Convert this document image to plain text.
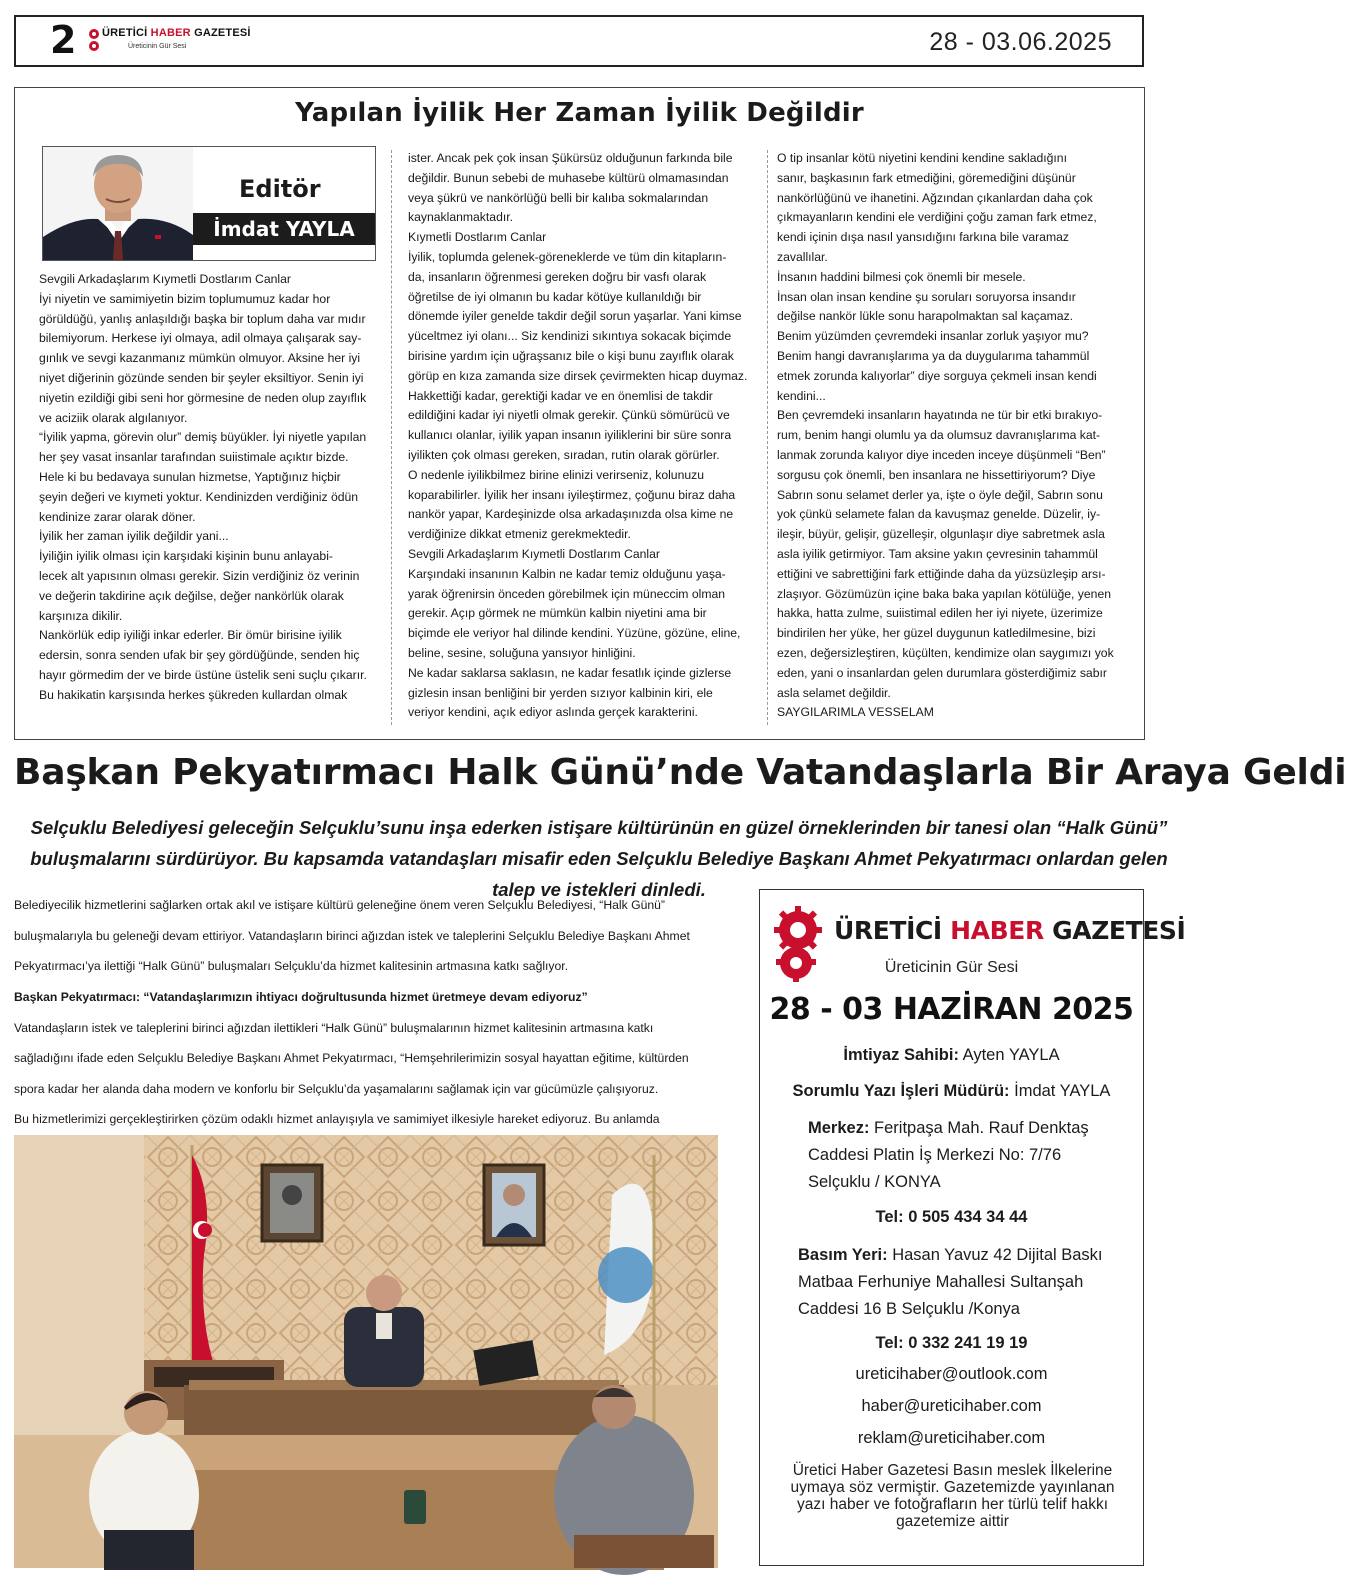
2 ÜRETİCİ HABER GAZETESİ
Üreticinin Gür Sesi	28 - 03.06.2025
Yapılan İyilik Her Zaman İyilik Değildir
Editör
İmdat YAYLA

Sevgili Arkadaşlarım Kıymetli Dostlarım Canlar

İyi niyetin ve samimiyetin bizim toplumumuz kadar hor

görüldüğü, yanlış anlaşıldığı başka bir toplum daha var mıdır

bilemiyorum. Herkese iyi olmaya, adil olmaya çalışarak say-

gınlık ve sevgi kazanmanız mümkün olmuyor. Aksine her iyi

niyet diğerinin gözünde senden bir şeyler eksiltiyor. Senin iyi

niyetin ezildiği gibi seni hor görmesine de neden olup zayıflık

ve aciziik olarak algılanıyor.

“İyilik yapma, görevin olur” demiş büyükler. İyi niyetle yapılan

her şey vasat insanlar tarafından suiistimale açıktır bizde.

Hele ki bu bedavaya sunulan hizmetse, Yaptığınız hiçbir

şeyin değeri ve kıymeti yoktur. Kendinizden verdiğiniz ödün

kendinize zarar olarak döner.

İyilik her zaman iyilik değildir yani...

İyiliğin iyilik olması için karşıdaki kişinin bunu anlayabi-

lecek alt yapısının olması gerekir. Sizin verdiğiniz öz verinin

ve değerin takdirine açık değilse, değer nankörlük olarak

karşınıza dikilir.

Nankörlük edip iyiliği inkar ederler. Bir ömür birisine iyilik

edersin, sonra senden ufak bir şey gördüğünde, senden hiç

hayır görmedim der ve birde üstüne üstelik seni suçlu çıkarır.

Bu hakikatin karşısında herkes şükreden kullardan olmak

ister. Ancak pek çok insan Şükürsüz olduğunun farkında bile

değildir. Bunun sebebi de muhasebe kültürü olmamasından

veya şükrü ve nankörlüğü belli bir kalıba sokmalarından

kaynaklanmaktadır.

Kıymetli Dostlarım Canlar

İyilik, toplumda gelenek-göreneklerde ve tüm din kitapların-

da, insanların öğrenmesi gereken doğru bir vasfı olarak

öğretilse de iyi olmanın bu kadar kötüye kullanıldığı bir

dönemde iyiler genelde takdir değil sorun yaşarlar. Yani kimse

yüceltmez iyi olanı... Siz kendinizi sıkıntıya sokacak biçimde

birisine yardım için uğraşsanız bile o kişi bunu zayıflık olarak

görüp en kıza zamanda size dirsek çevirmekten hicap duymaz.

Hakkettiği kadar, gerektiği kadar ve en önemlisi de takdir

edildiğini kadar iyi niyetli olmak gerekir. Çünkü sömürücü ve

kullanıcı olanlar, iyilik yapan insanın iyiliklerini bir süre sonra

iyilikten çok olması gereken, sıradan, rutin olarak görürler.

O nedenle iyilikbilmez birine elinizi verirseniz, kolunuzu

koparabilirler. İyilik her insanı iyileştirmez, çoğunu biraz daha

nankör yapar, Kardeşinizde olsa arkadaşınızda olsa kime ne

verdiğinize dikkat etmeniz gerekmektedir.

Sevgili Arkadaşlarım Kıymetli Dostlarım Canlar

Karşındaki insanının Kalbin ne kadar temiz olduğunu yaşa-

yarak öğrenirsin önceden görebilmek için müneccim olman

gerekir. Açıp görmek ne mümkün kalbin niyetini ama bir

biçimde ele veriyor hal dilinde kendini. Yüzüne, gözüne, eline,

beline, sesine, soluğuna yansıyor hinliğini.

Ne kadar saklarsa saklasın, ne kadar fesatlık içinde gizlerse

gizlesin insan benliğini bir yerden sızıyor kalbinin kiri, ele

veriyor kendini, açık ediyor aslında gerçek karakterini.

O tip insanlar kötü niyetini kendini kendine sakladığını

sanır, başkasının fark etmediğini, göremediğini düşünür

nankörlüğünü ve ihanetini. Ağzından çıkanlardan daha çok

çıkmayanların kendini ele verdiğini çoğu zaman fark etmez,

kendi içinin dışa nasıl yansıdığını farkına bile varamaz

zavallılar.

İnsanın haddini bilmesi çok önemli bir mesele.

İnsan olan insan kendine şu soruları soruyorsa insandır

değilse nankör lükle sonu harapolmaktan sal kaçamaz.

Benim yüzümden çevremdeki insanlar zorluk yaşıyor mu?

Benim hangi davranışlarıma ya da duygularıma tahammül

etmek zorunda kalıyorlar” diye sorguya çekmeli insan kendi

kendini...

Ben çevremdeki insanların hayatında ne tür bir etki bırakıyo-

rum, benim hangi olumlu ya da olumsuz davranışlarıma kat-

lanmak zorunda kalıyor diye inceden inceye düşünmeli “Ben”

sorgusu çok önemli, ben insanlara ne hissettiriyorum? Diye

Sabrın sonu selamet derler ya, işte o öyle değil, Sabrın sonu

yok çünkü selamete falan da kavuşmaz genelde. Düzelir, iy-

ileşir, büyür, gelişir, güzelleşir, olgunlaşır diye sabretmek asla

asla iyilik getirmiyor. Tam aksine yakın çevresinin tahammül

ettiğini ve sabrettiğini fark ettiğinde daha da yüzsüzleşip arsı-

zlaşıyor. Gözümüzün içine baka baka yapılan kötülüğe, yenen

hakka, hatta zulme, suiistimal edilen her iyi niyete, üzerimize

bindirilen her yüke, her güzel duygunun katledilmesine, bizi

ezen, değersizleştiren, küçülten, kendimize olan saygımızı yok

eden, yani o insanlardan gelen durumlara gösterdiğimiz sabır

asla selamet değildir.

SAYGILARIMLA VESSELAM

Başkan Pekyatırmacı Halk Günü’nde Vatandaşlarla Bir Araya Geldi
Selçuklu Belediyesi geleceğin Selçuklu’sunu inşa ederken istişare kültürünün en güzel örneklerinden bir tanesi olan “Halk Günü” buluşmalarını sürdürüyor. Bu kapsamda vatandaşları misafir eden Selçuklu Belediye Başkanı Ahmet Pekyatırmacı onlardan gelen talep ve istekleri dinledi.

Belediyecilik hizmetlerini sağlarken ortak akıl ve istişare kültürü geleneğine önem veren Selçuklu Belediyesi, “Halk Günü”

buluşmalarıyla bu geleneği devam ettiriyor. Vatandaşların birinci ağızdan istek ve taleplerini Selçuklu Belediye Başkanı Ahmet

Pekyatırmacı’ya ilettiği “Halk Günü” buluşmaları Selçuklu’da hizmet kalitesinin artmasına katkı sağlıyor.

Başkan Pekyatırmacı: “Vatandaşlarımızın ihtiyacı doğrultusunda hizmet üretmeye devam ediyoruz”

Vatandaşların istek ve taleplerini birinci ağızdan ilettikleri “Halk Günü” buluşmalarının hizmet kalitesinin artmasına katkı

sağladığını ifade eden Selçuklu Belediye Başkanı Ahmet Pekyatırmacı, “Hemşehrilerimizin sosyal hayattan eğitime, kültürden

spora kadar her alanda daha modern ve konforlu bir Selçuklu’da yaşamalarını sağlamak için var gücümüzle çalışıyoruz.

Bu hizmetlerimizi gerçekleştirirken çözüm odaklı hizmet anlayışıyla ve samimiyet ilkesiyle hareket ediyoruz. Bu anlamda

ÜRETİCİ HABER GAZETESİ
Üreticinin Gür Sesi
28 - 03 HAZİRAN 2025
İmtiyaz Sahibi: Ayten YAYLA
Sorumlu Yazı İşleri Müdürü: İmdat YAYLA
Merkez: Feritpaşa Mah. Rauf Denktaş
Caddesi Platin İş Merkezi No: 7/76
Selçuklu / KONYA
Tel: 0 505 434 34 44
Basım Yeri: Hasan Yavuz 42 Dijital Baskı
Matbaa Ferhuniye Mahallesi Sultanşah
Caddesi 16 B Selçuklu /Konya
Tel: 0 332 241 19 19
ureticihaber@outlook.com
haber@ureticihaber.com
reklam@ureticihaber.com
Üretici Haber Gazetesi Basın meslek İlkelerine uymaya söz vermiştir. Gazetemizde yayınlanan yazı haber ve fotoğrafların her türlü telif hakkı gazetemize aittir
